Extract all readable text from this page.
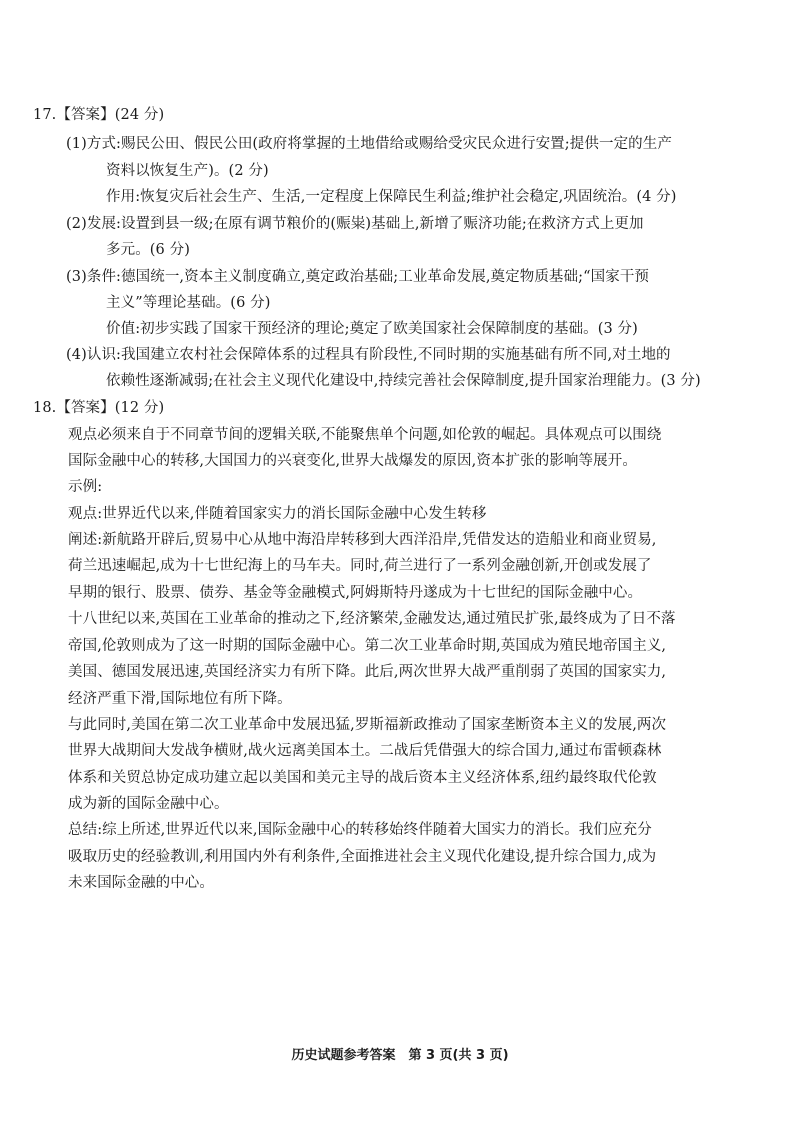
17.【答案】(24 分)
(1)方式:赐民公田、假民公田(政府将掌握的土地借给或赐给受灾民众进行安置;提供一定的生产
资料以恢复生产)。(2 分)
作用:恢复灾后社会生产、生活,一定程度上保障民生利益;维护社会稳定,巩固统治。(4 分)
(2)发展:设置到县一级;在原有调节粮价的(赈粜)基础上,新增了赈济功能;在救济方式上更加
多元。(6 分)
(3)条件:德国统一,资本主义制度确立,奠定政治基础;工业革命发展,奠定物质基础;“国家干预
主义”等理论基础。(6 分)
价值:初步实践了国家干预经济的理论;奠定了欧美国家社会保障制度的基础。(3 分)
(4)认识:我国建立农村社会保障体系的过程具有阶段性,不同时期的实施基础有所不同,对土地的
依赖性逐渐减弱;在社会主义现代化建设中,持续完善社会保障制度,提升国家治理能力。(3 分)
18.【答案】(12 分)
观点必须来自于不同章节间的逻辑关联,不能聚焦单个问题,如伦敦的崛起。具体观点可以围绕
国际金融中心的转移,大国国力的兴衰变化,世界大战爆发的原因,资本扩张的影响等展开。
示例:
观点:世界近代以来,伴随着国家实力的消长国际金融中心发生转移
阐述:新航路开辟后,贸易中心从地中海沿岸转移到大西洋沿岸,凭借发达的造船业和商业贸易,
荷兰迅速崛起,成为十七世纪海上的马车夫。同时,荷兰进行了一系列金融创新,开创或发展了
早期的银行、股票、债券、基金等金融模式,阿姆斯特丹遂成为十七世纪的国际金融中心。
十八世纪以来,英国在工业革命的推动之下,经济繁荣,金融发达,通过殖民扩张,最终成为了日不落
帝国,伦敦则成为了这一时期的国际金融中心。第二次工业革命时期,英国成为殖民地帝国主义,
美国、德国发展迅速,英国经济实力有所下降。此后,两次世界大战严重削弱了英国的国家实力,
经济严重下滑,国际地位有所下降。
与此同时,美国在第二次工业革命中发展迅猛,罗斯福新政推动了国家垄断资本主义的发展,两次
世界大战期间大发战争横财,战火远离美国本土。二战后凭借强大的综合国力,通过布雷顿森林
体系和关贸总协定成功建立起以美国和美元主导的战后资本主义经济体系,纽约最终取代伦敦
成为新的国际金融中心。
总结:综上所述,世界近代以来,国际金融中心的转移始终伴随着大国实力的消长。我们应充分
吸取历史的经验教训,利用国内外有利条件,全面推进社会主义现代化建设,提升综合国力,成为
未来国际金融的中心。
历史试题参考答案　第 3 页(共 3 页)
